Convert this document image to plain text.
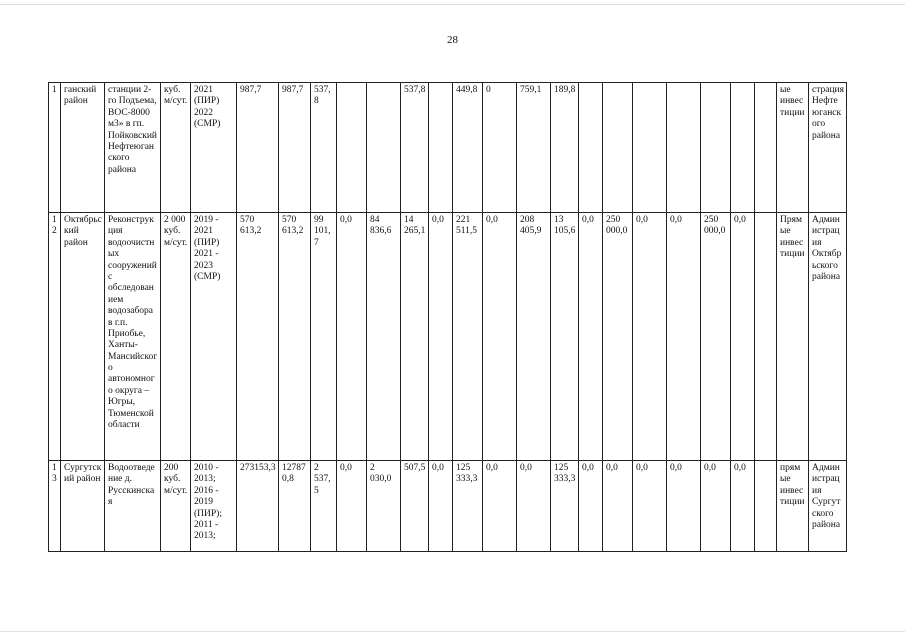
28
1	ганский район	станции 2-го Подъема, ВОС-8000 м3» в гп. Пойковский Нефтеюганского района	куб. м/сут.	2021 (ПИР) 2022 (СМР)	987,7	987,7	537,8			537,8		449,8	0	759,1	189,8								ые инвестиции	страция Нефтеюганского района
12	Октябрьский район	Реконструкция водоочистных сооружений с обследованием водозабора в г.п. Приобье, Ханты-Мансийского автономного округа – Югры, Тюменской области	2 000 куб. м/сут.	2019 - 2021 (ПИР) 2021 - 2023 (СМР)	570 613,2	570 613,2	99 101,7	0,0	84 836,6	14 265,1	0,0	221 511,5	0,0	208 405,9	13 105,6	0,0	250 000,0	0,0	0,0	250 000,0	0,0		Прямые инвестиции	Администрация Октябрьского района
13	Сургутский район	Водоотведение д. Русскинская	200 куб. м/сут.	2010 - 2013; 2016 - 2019 (ПИР); 2011 - 2013;	273153,3	127870,8	2 537,5	0,0	2 030,0	507,5	0,0	125 333,3	0,0	0,0	125 333,3	0,0	0,0	0,0	0,0	0,0	0,0		прямые инвестиции	Администрация Сургутского района
